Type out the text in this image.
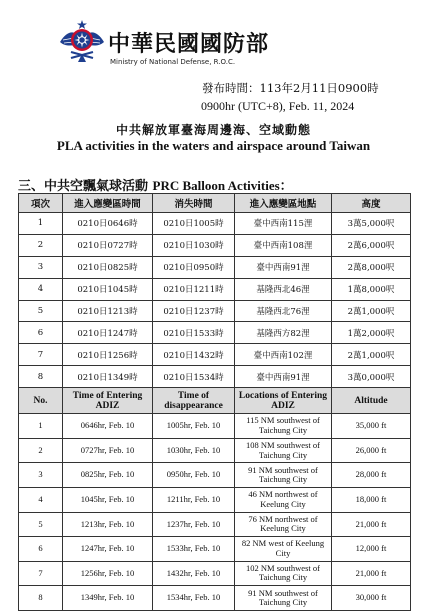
中華民國國防部
Ministry of National Defense, R.O.C.
發布時間：113年2月11日0900時
0900hr (UTC+8), Feb. 11, 2024
中共解放軍臺海周邊海、空域動態
PLA activities in the waters and airspace around Taiwan
三、中共空飄氣球活動 PRC Balloon Activities：
項次	進入應變區時間	消失時間	進入應變區地點	高度
1	0210日0646時	0210日1005時	臺中西南115浬	3萬5,000呎
2	0210日0727時	0210日1030時	臺中西南108浬	2萬6,000呎
3	0210日0825時	0210日0950時	臺中西南91浬	2萬8,000呎
4	0210日1045時	0210日1211時	基隆西北46浬	1萬8,000呎
5	0210日1213時	0210日1237時	基隆西北76浬	2萬1,000呎
6	0210日1247時	0210日1533時	基隆西方82浬	1萬2,000呎
7	0210日1256時	0210日1432時	臺中西南102浬	2萬1,000呎
8	0210日1349時	0210日1534時	臺中西南91浬	3萬0,000呎
No.	Time of Entering ADIZ	Time of disappearance	Locations of Entering ADIZ	Altitude
1	0646hr, Feb. 10	1005hr, Feb. 10	115 NM southwest of Taichung City	35,000 ft
2	0727hr, Feb. 10	1030hr, Feb. 10	108 NM southwest of Taichung City	26,000 ft
3	0825hr, Feb. 10	0950hr, Feb. 10	91 NM southwest of Taichung City	28,000 ft
4	1045hr, Feb. 10	1211hr, Feb. 10	46 NM northwest of Keelung City	18,000 ft
5	1213hr, Feb. 10	1237hr, Feb. 10	76 NM northwest of Keelung City	21,000 ft
6	1247hr, Feb. 10	1533hr, Feb. 10	82 NM west of Keelung City	12,000 ft
7	1256hr, Feb. 10	1432hr, Feb. 10	102 NM southwest of Taichung City	21,000 ft
8	1349hr, Feb. 10	1534hr, Feb. 10	91 NM southwest of Taichung City	30,000 ft
